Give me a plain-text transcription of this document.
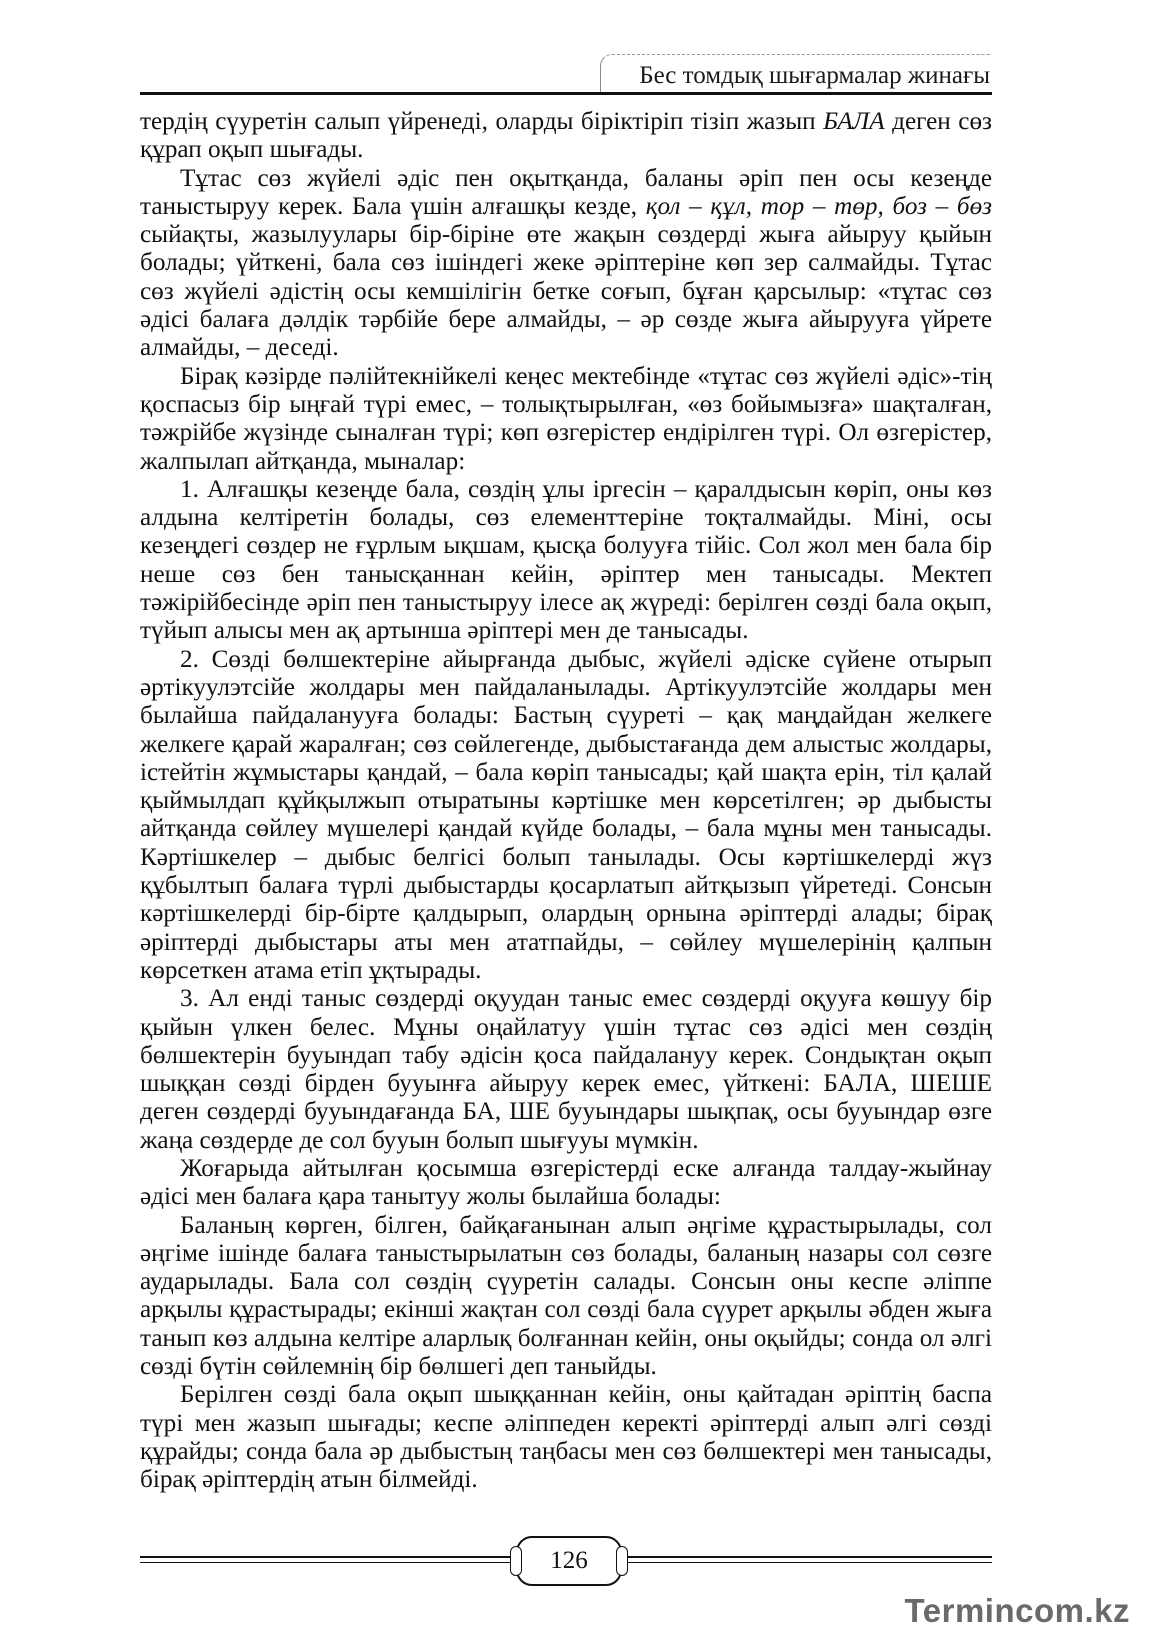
Бес томдық шығармалар жинағы

тердің сүуретін салып үйренеді, оларды біріктіріп тізіп жазып БАЛА деген сөз құрап оқып шығады.

Тұтас сөз жүйелі әдіс пен оқытқанда, баланы әріп пен осы кезеңде таныстыруу керек. Бала үшін алғашқы кезде, қол – құл, тор – төр, боз – бөз сыйақты, жазылуулары бір-біріне өте жақын сөздерді жыға айыруу қыйын болады; үйткені, бала сөз ішіндегі жеке әріптеріне көп зер салмайды. Тұтас сөз жүйелі әдістің осы кемшілігін бетке соғып, бұған қарсылыр: «тұтас сөз әдісі балаға дәлдік тәрбійе бере алмайды, – әр сөзде жыға айырууға үйрете алмайды, – деседі.

Бірақ кәзірде пәлійтекнійкелі кеңес мектебінде «тұтас сөз жүйелі әдіс»-тің қоспасыз бір ыңғай түрі емес, – толықтырылған, «өз бойымызға» шақталған, тәжрійбе жүзінде сыналған түрі; көп өзгерістер ендірілген түрі. Ол өзгерістер, жалпылап айтқанда, мыналар:

1. Алғашқы кезеңде бала, сөздің ұлы іргесін – қаралдысын көріп, оны көз алдына келтіретін болады, сөз елементтеріне тоқталмайды. Міні, осы кезеңдегі сөздер не ғұрлым ықшам, қысқа болууға тійіс. Сол жол мен бала бір неше сөз бен танысқаннан кейін, әріптер мен танысады. Мектеп тәжірійбесінде әріп пен таныстыруу ілесе ақ жүреді: берілген сөзді бала оқып, түйып алысы мен ақ артынша әріптері мен де танысады.

2. Сөзді бөлшектеріне айырғанда дыбыс, жүйелі әдіске сүйене отырып әртікуулэтсійе жолдары мен пайдаланылады. Артікуулэтсійе жолдары мен былайша пайдаланууға болады: Бастың сүуреті – қақ маңдайдан желкеге желкеге қарай жаралған; сөз сөйлегенде, дыбыстағанда дем алыстыс жолдары, істейтін жұмыстары қандай, – бала көріп танысады; қай шақта ерін, тіл қалай қыймылдап құйқылжып отыратыны кәртішке мен көрсетілген; әр дыбысты айтқанда сөйлеу мүшелері қандай күйде болады, – бала мұны мен танысады. Кәртішкелер – дыбыс белгісі болып танылады. Осы кәртішкелерді жүз құбылтып балаға түрлі дыбыстарды қосарлатып айтқызып үйретеді. Сонсын кәртішкелерді бір-бірте қалдырып, олардың орнына әріптерді алады; бірақ әріптерді дыбыстары аты мен ататпайды, – сөйлеу мүшелерінің қалпын көрсеткен атама етіп ұқтырады.

3. Ал енді таныс сөздерді оқуудан таныс емес сөздерді оқууға көшуу бір қыйын үлкен белес. Мұны оңайлатуу үшін тұтас сөз әдісі мен сөздің бөлшектерін бууындап табу әдісін қоса пайдалануу керек. Сондықтан оқып шыққан сөзді бірден бууынға айыруу керек емес, үйткені: БАЛА, ШЕШЕ деген сөздерді бууындағанда БА, ШЕ бууындары шықпақ, осы бууындар өзге жаңа сөздерде де сол бууын болып шығууы мүмкін.

Жоғарыда айтылған қосымша өзгерістерді еске алғанда талдау-жыйнау әдісі мен балаға қара танытуу жолы былайша болады:

Баланың көрген, білген, байқағанынан алып әңгіме құрастырылады, сол әңгіме ішінде балаға таныстырылатын сөз болады, баланың назары сол сөзге аударылады. Бала сол сөздің сүуретін салады. Сонсын оны кеспе әліппе арқылы құрастырады; екінші жақтан сол сөзді бала сүурет арқылы әбден жыға танып көз алдына келтіре аларлық болғаннан кейін, оны оқыйды; сонда ол әлгі сөзді бүтін сөйлемнің бір бөлшегі деп таныйды.

Берілген сөзді бала оқып шыққаннан кейін, оны қайтадан әріптің баспа түрі мен жазып шығады; кеспе әліппеден керекті әріптерді алып әлгі сөзді құрайды; сонда бала әр дыбыстың таңбасы мен сөз бөлшектері мен танысады, бірақ әріптердің атын білмейді.

126
Termincom.kz
